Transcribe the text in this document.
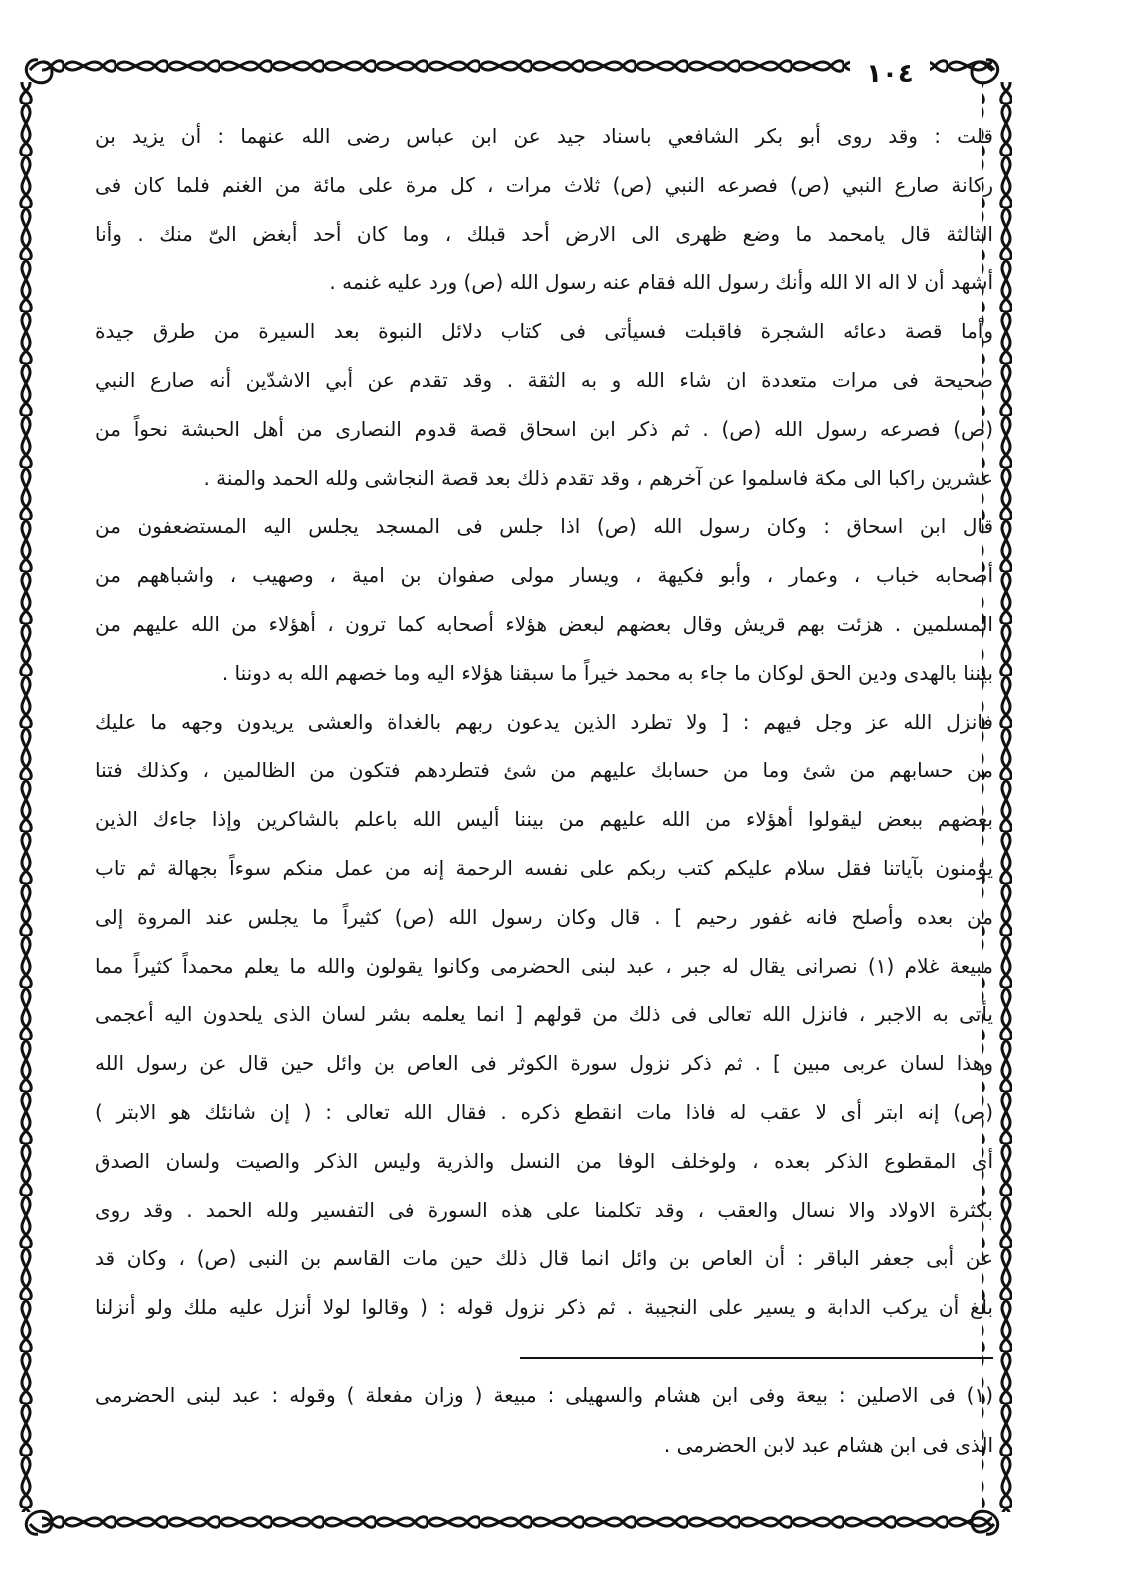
١٠٤
قلت : وقد روى أبو بكر الشافعي باسناد جيد عن ابن عباس رضى الله عنهما : أن يزيد بن
ركانة صارع النبي (ص) فصرعه النبي (ص) ثلاث مرات ، كل مرة على مائة من الغنم فلما كان فى
الثالثة قال يامحمد ما وضع ظهرى الى الارض أحد قبلك ، وما كان أحد أبغض الىّ منك . وأنا
أشهد أن لا اله الا الله وأنك رسول الله فقام عنه رسول الله (ص) ورد عليه غنمه .
وأما قصة دعائه الشجرة فاقبلت فسيأتى فى كتاب دلائل النبوة بعد السيرة من طرق جيدة
صحيحة فى مرات متعددة ان شاء الله و به الثقة . وقد تقدم عن أبي الاشدّين أنه صارع النبي
(ص) فصرعه رسول الله (ص) . ثم ذكر ابن اسحاق قصة قدوم النصارى من أهل الحبشة نحواً من
عشرين راكبا الى مكة فاسلموا عن آخرهم ، وقد تقدم ذلك بعد قصة النجاشى ولله الحمد والمنة .
قال ابن اسحاق : وكان رسول الله (ص) اذا جلس فى المسجد يجلس اليه المستضعفون من
أصحابه خباب ، وعمار ، وأبو فكيهة ، ويسار مولى صفوان بن امية ، وصهيب ، واشباههم من
المسلمين . هزئت بهم قريش وقال بعضهم لبعض هؤلاء أصحابه كما ترون ، أهؤلاء من الله عليهم من
بيننا بالهدى ودين الحق لوكان ما جاء به محمد خيراً ما سبقنا هؤلاء اليه وما خصهم الله به دوننا .
فانزل الله عز وجل فيهم : [ ولا تطرد الذين يدعون ربهم بالغداة والعشى يريدون وجهه ما عليك
من حسابهم من شئ وما من حسابك عليهم من شئ فتطردهم فتكون من الظالمين ، وكذلك فتنا
بعضهم ببعض ليقولوا أهؤلاء من الله عليهم من بيننا أليس الله باعلم بالشاكرين وإذا جاءك الذين
يؤمنون بآياتنا فقل سلام عليكم كتب ربكم على نفسه الرحمة إنه من عمل منكم سوءاً بجهالة ثم تاب
من بعده وأصلح فانه غفور رحيم ] . قال وكان رسول الله (ص) كثيراً ما يجلس عند المروة إلى
مبيعة غلام (١) نصرانى يقال له جبر ، عبد لبنى الحضرمى وكانوا يقولون والله ما يعلم محمداً كثيراً مما
يأتى به الاجبر ، فانزل الله تعالى فى ذلك من قولهم [ انما يعلمه بشر لسان الذى يلحدون اليه أعجمى
وهذا لسان عربى مبين ] . ثم ذكر نزول سورة الكوثر فى العاص بن وائل حين قال عن رسول الله
(ص) إنه ابتر أى لا عقب له فاذا مات انقطع ذكره . فقال الله تعالى : ( إن شانئك هو الابتر )
أى المقطوع الذكر بعده ، ولوخلف الوفا من النسل والذرية وليس الذكر والصيت ولسان الصدق
بكثرة الاولاد والا نسال والعقب ، وقد تكلمنا على هذه السورة فى التفسير ولله الحمد . وقد روى
عن أبى جعفر الباقر : أن العاص بن وائل انما قال ذلك حين مات القاسم بن النبى (ص) ، وكان قد
بلغ أن يركب الدابة و يسير على النجيبة . ثم ذكر نزول قوله : ( وقالوا لولا أنزل عليه ملك ولو أنزلنا
(١) فى الاصلين : بيعة وفى ابن هشام والسهيلى : مبيعة ( وزان مفعلة ) وقوله : عبد لبنى الحضرمى
الذى فى ابن هشام عبد لابن الحضرمى .
